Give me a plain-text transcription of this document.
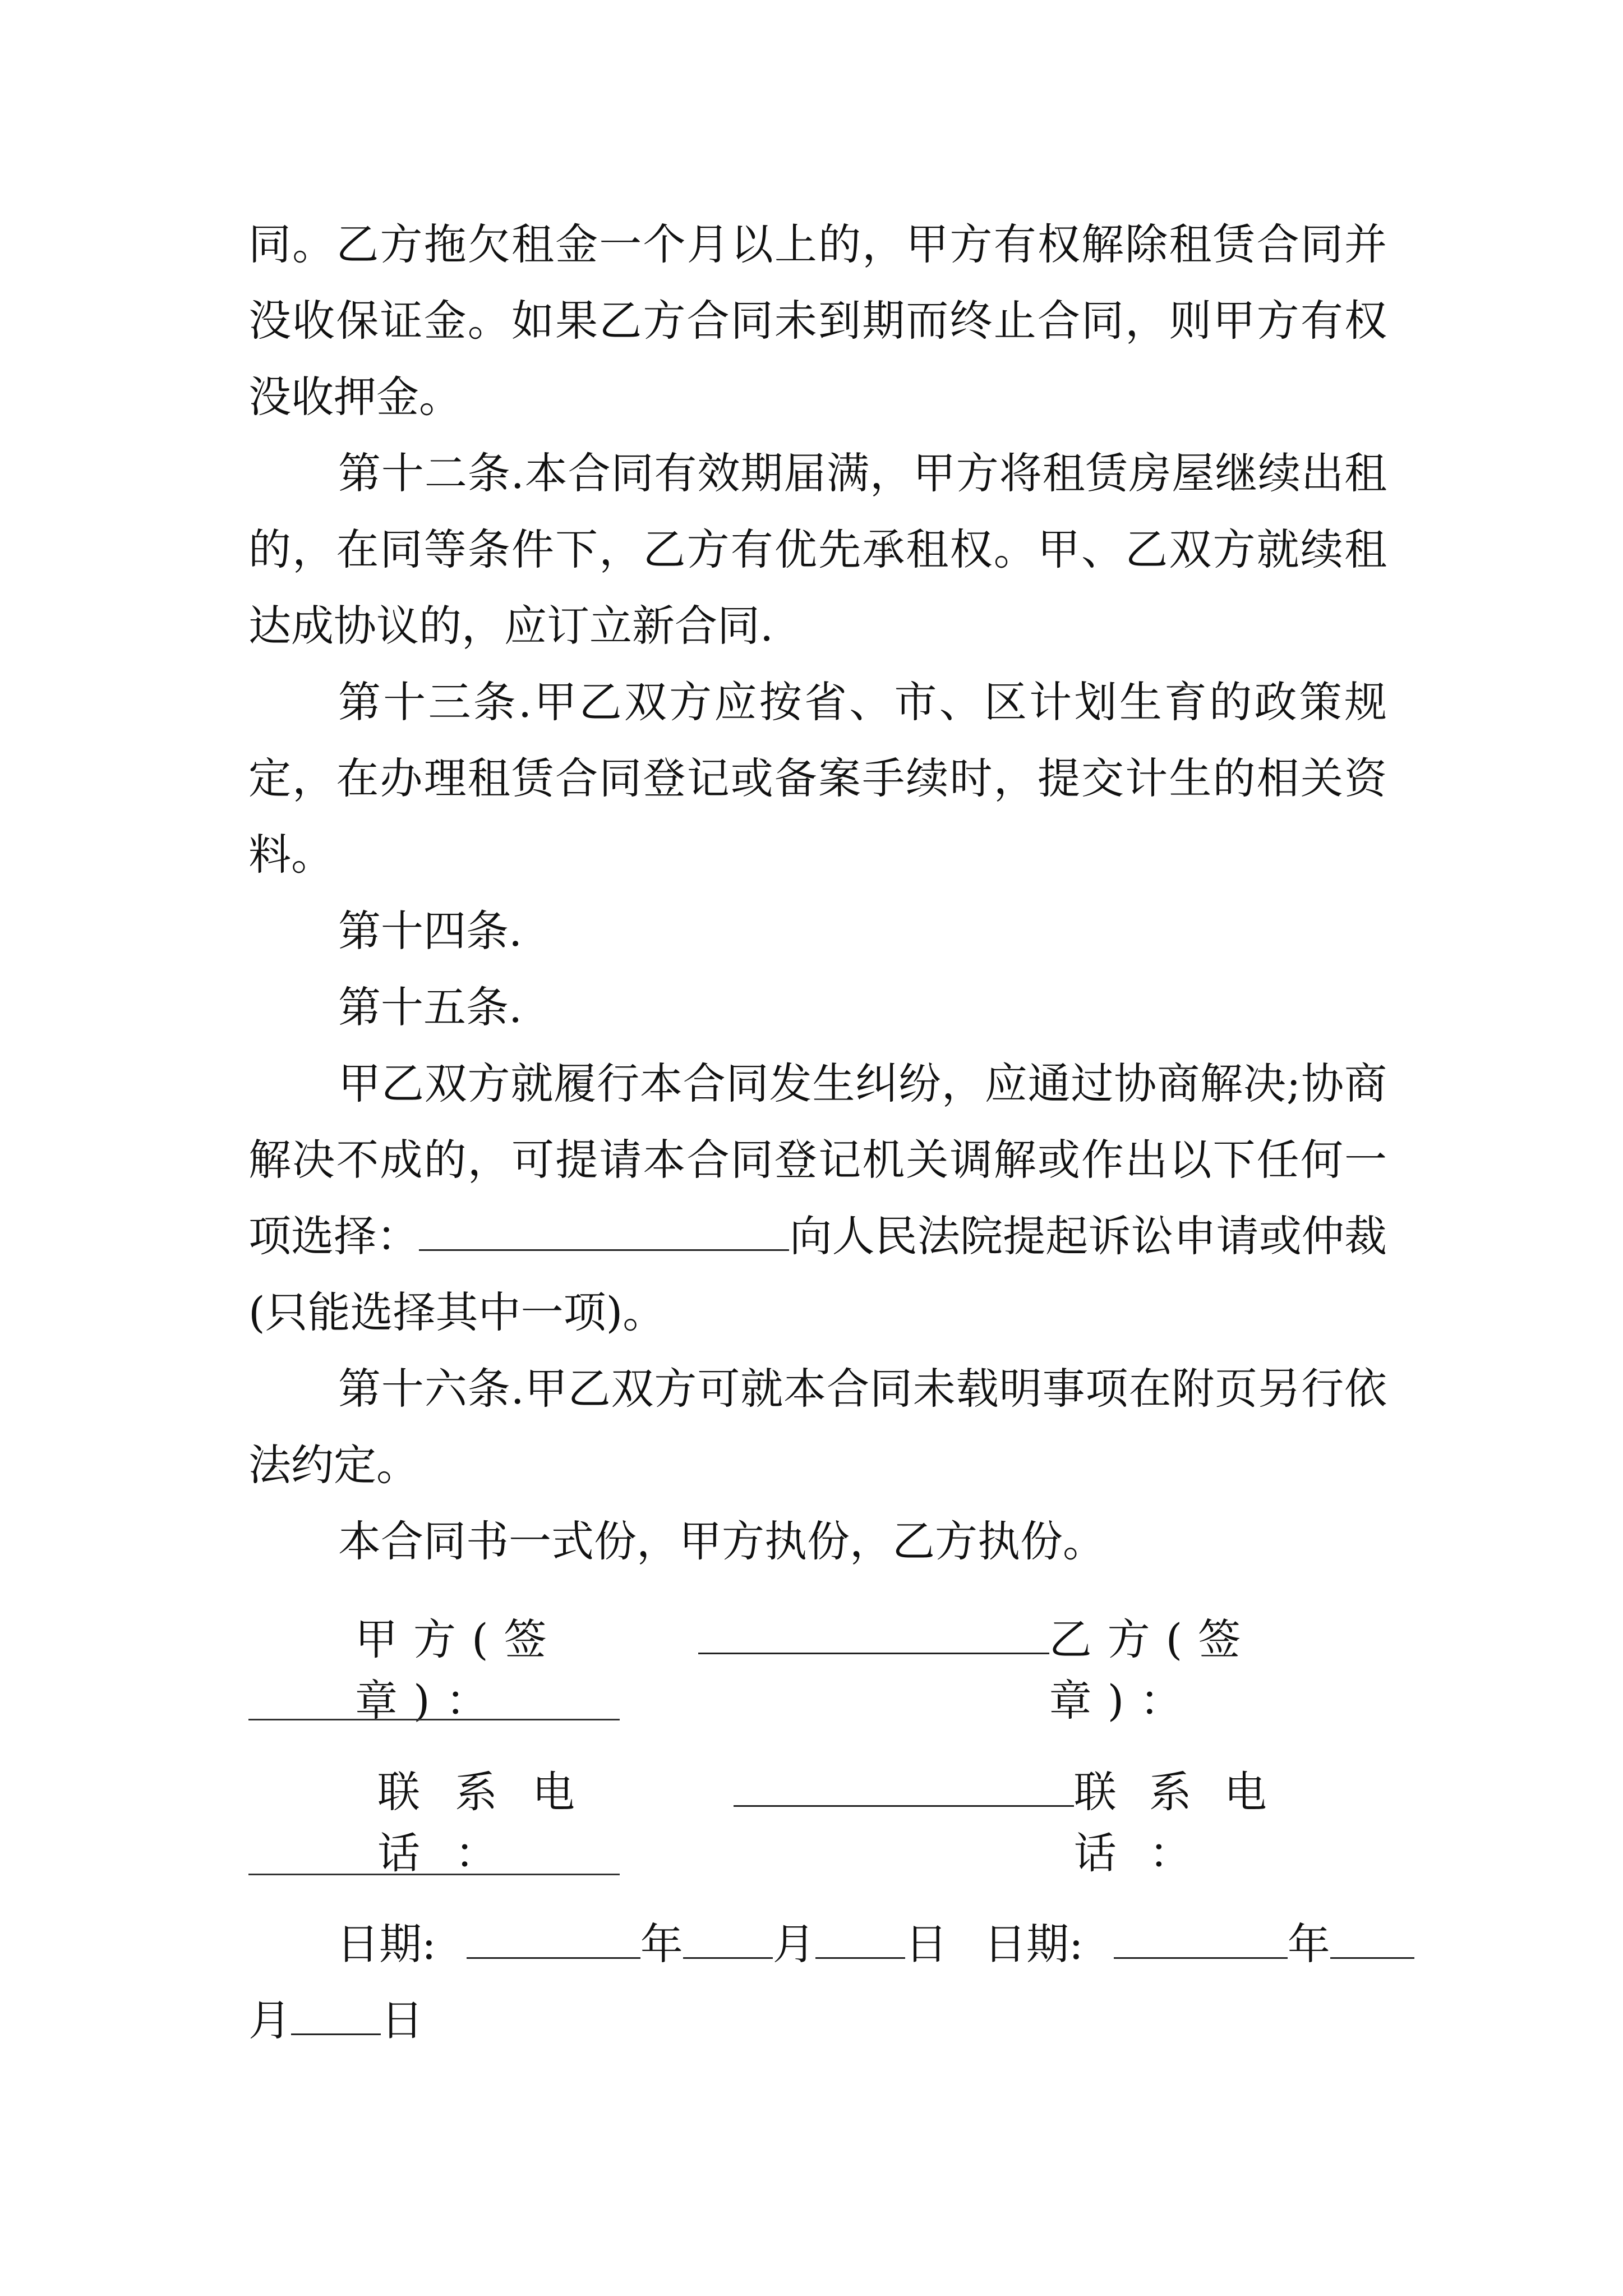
同。乙方拖欠租金一个月以上的，甲方有权解除租赁合同并没收保证金。如果乙方合同未到期而终止合同，则甲方有权没收押金。

第十二条.本合同有效期届满，甲方将租赁房屋继续出租的，在同等条件下，乙方有优先承租权。甲、乙双方就续租达成协议的，应订立新合同.

第十三条.甲乙双方应按省、市、区计划生育的政策规定，在办理租赁合同登记或备案手续时，提交计生的相关资料。

第十四条.

第十五条.

甲乙双方就履行本合同发生纠纷，应通过协商解决;协商解决不成的，可提请本合同登记机关调解或作出以下任何一项选择：	向人民法院提起诉讼申请或仲裁(只能选择其中一项)。

第十六条.甲乙双方可就本合同未载明事项在附页另行依法约定。

本合同书一式份，甲方执份，乙方执份。

甲方(签章)：
乙方(签章)：
联系电话：
联系电话：
日期:	年 月 日 日期:	年
月 日
